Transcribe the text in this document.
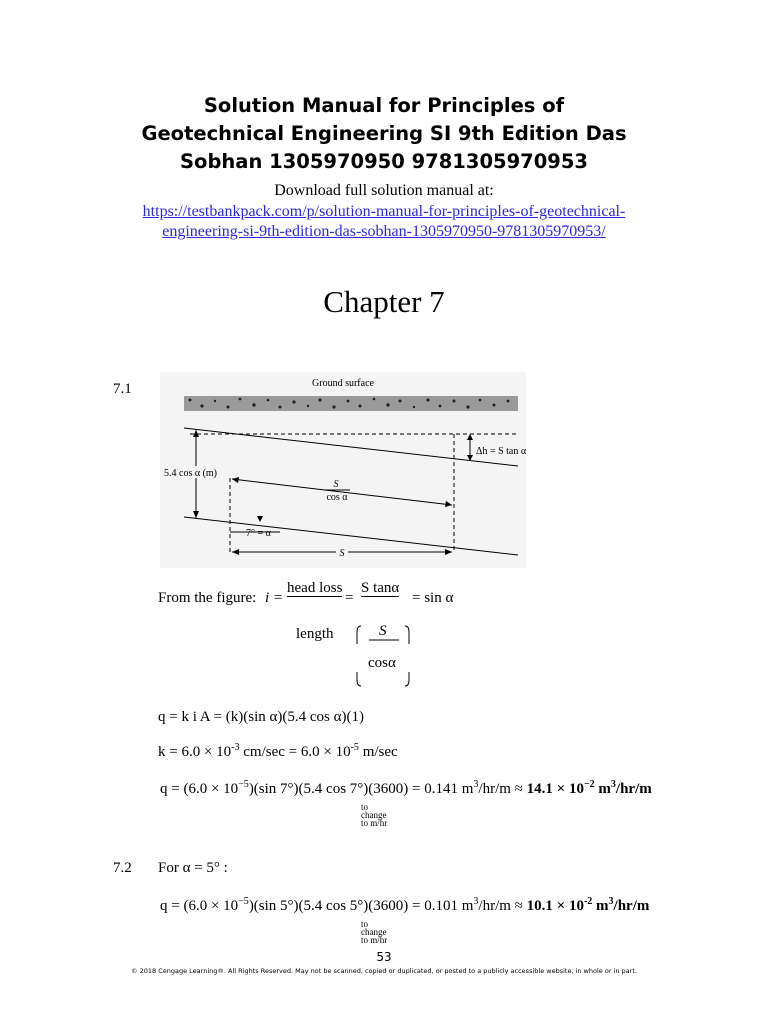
Solution Manual for Principles of
Geotechnical Engineering SI 9th Edition Das
Sobhan 1305970950 9781305970953
Download full solution manual at:
https://testbankpack.com/p/solution-manual-for-principles-of-geotechnical-
engineering-si-9th-edition-das-sobhan-1305970950-9781305970953/
Chapter 7
7.1	Ground surface
5.4 cos α (m)
Δh = S tan α
S
cos α
7° = α
S
From the figure: i =
head loss
=
S tanα
= sin α
length	S
cosα
q = k i A = (k)(sin α)(5.4 cos α)(1)
$k = 6.0 \times 10^{-3}$ $cm/\sec = 6.0 \times 10^{-5}$ m/sec
$q = (6.0 \times 10^{-5})(\sin$ 7°)(5.4 cos 7°)(3600) = 0.141 $m^3/hr/m \approx 14.1 \times 10^{-2}$ $m^3/hr/m$
to
change
to m/hr
7.2 For α = 5° :
$q = (6.0 \times 10^{-5})(\sin$ 5°)(5.4 cos 5°)(3600) = 0.101 $m^3/hr/m \approx 10.1 \times 10^{-2}$ $m^3/hr/m$
to
change
to m/hr
53
© 2018 Cengage Learning®. All Rights Reserved. May not be scanned, copied or duplicated, or posted to a publicly accessible website, in whole or in part.
